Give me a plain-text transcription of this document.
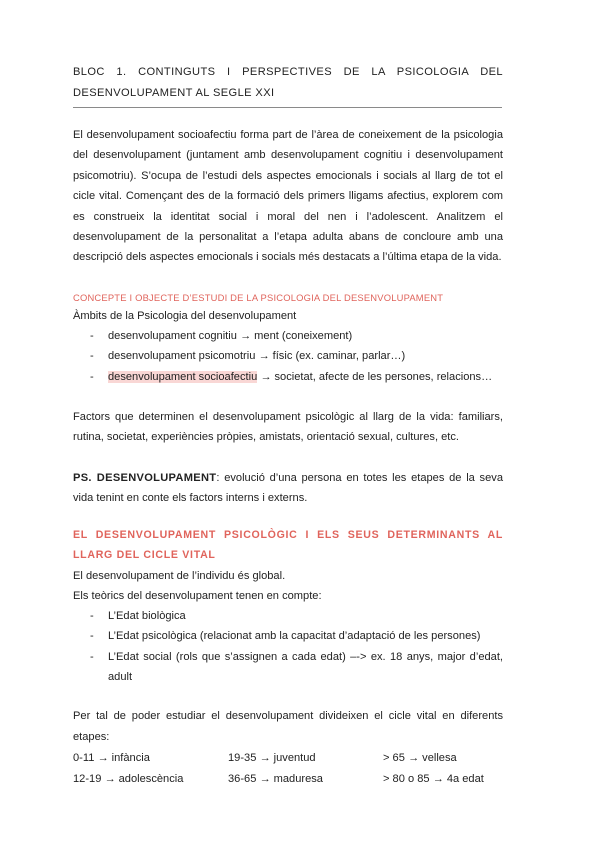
BLOC 1. CONTINGUTS I PERSPECTIVES DE LA PSICOLOGIA DEL DESENVOLUPAMENT AL SEGLE XXI

El desenvolupament socioafectiu forma part de l’àrea de coneixement de la psicologia del desenvolupament (juntament amb desenvolupament cognitiu i desenvolupament psicomotriu). S’ocupa de l’estudi dels aspectes emocionals i socials al llarg de tot el cicle vital. Començant des de la formació dels primers lligams afectius, explorem com es construeix la identitat social i moral del nen i l’adolescent. Analitzem el desenvolupament de la personalitat a l’etapa adulta abans de concloure amb una descripció dels aspectes emocionals i socials més destacats a l’última etapa de la vida.

CONCEPTE I OBJECTE D’ESTUDI DE LA PSICOLOGIA DEL DESENVOLUPAMENT

Àmbits de la Psicologia del desenvolupament

- desenvolupament cognitiu → ment (coneixement)
- desenvolupament psicomotriu → físic (ex. caminar, parlar…)
- desenvolupament socioafectiu → societat, afecte de les persones, relacions…

Factors que determinen el desenvolupament psicològic al llarg de la vida: familiars, rutina, societat, experiències pròpies, amistats, orientació sexual, cultures, etc.

PS. DESENVOLUPAMENT: evolució d’una persona en totes les etapes de la seva vida tenint en conte els factors interns i externs.

EL DESENVOLUPAMENT PSICOLÒGIC I ELS SEUS DETERMINANTS AL LLARG DEL CICLE VITAL

El desenvolupament de l’individu és global.

Els teòrics del desenvolupament tenen en compte:

- L’Edat biològica
- L’Edat psicològica (relacionat amb la capacitat d’adaptació de les persones)
- L’Edat social (rols que s’assignen a cada edat) –-> ex. 18 anys, major d’edat, adult

Per tal de poder estudiar el desenvolupament divideixen el cicle vital en diferents etapes:

0-11 → infància	19-35 → juventud	> 65 → vellesa
12-19 → adolescència	36-65 → maduresa	> 80 o 85 → 4a edat
